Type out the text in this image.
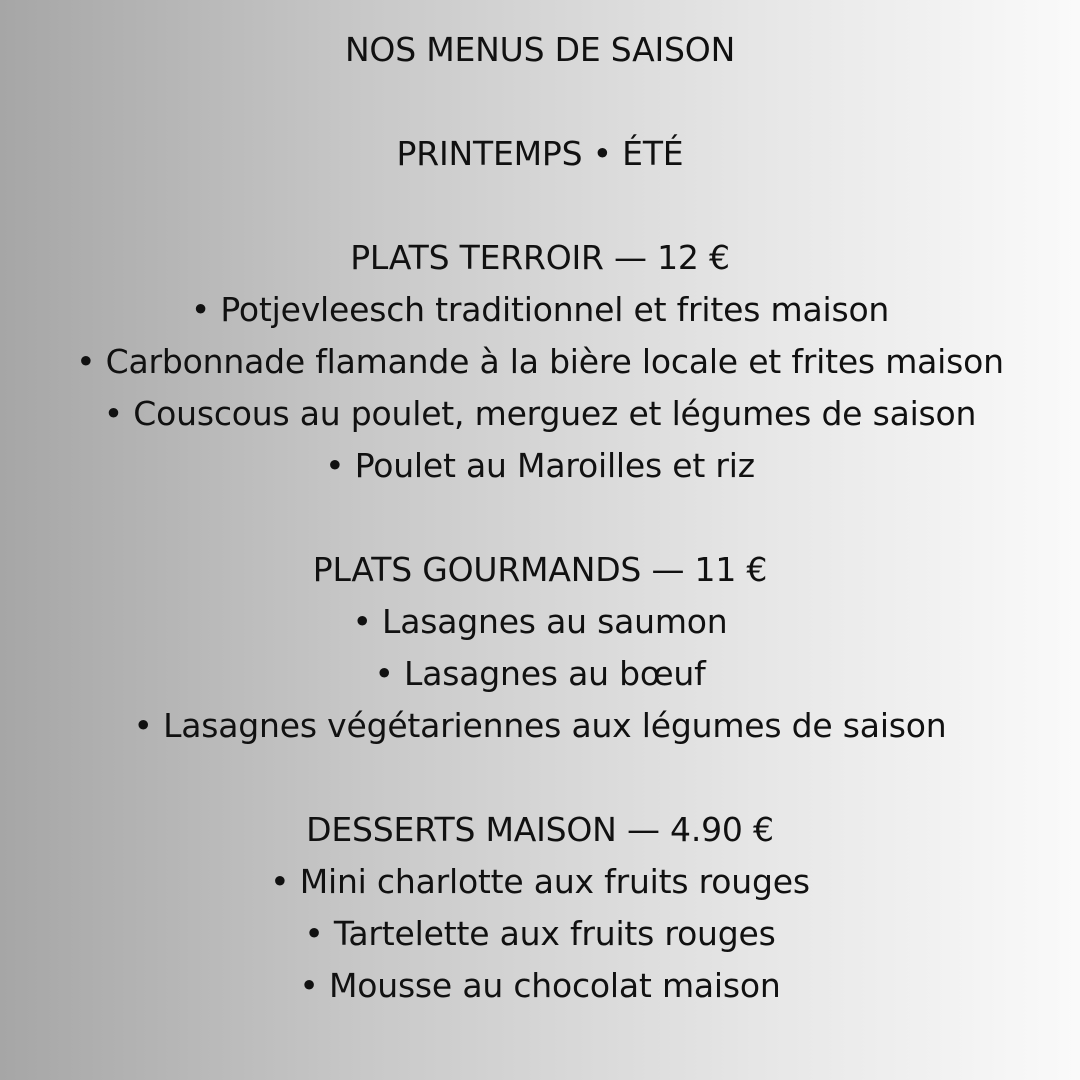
NOS MENUS DE SAISON
PRINTEMPS • ÉTÉ
PLATS TERROIR — 12 €
• Potjevleesch traditionnel et frites maison
• Carbonnade flamande à la bière locale et frites maison
• Couscous au poulet, merguez et légumes de saison
• Poulet au Maroilles et riz
PLATS GOURMANDS — 11 €
• Lasagnes au saumon
• Lasagnes au bœuf
• Lasagnes végétariennes aux légumes de saison
DESSERTS MAISON — 4.90 €
• Mini charlotte aux fruits rouges
• Tartelette aux fruits rouges
• Mousse au chocolat maison
